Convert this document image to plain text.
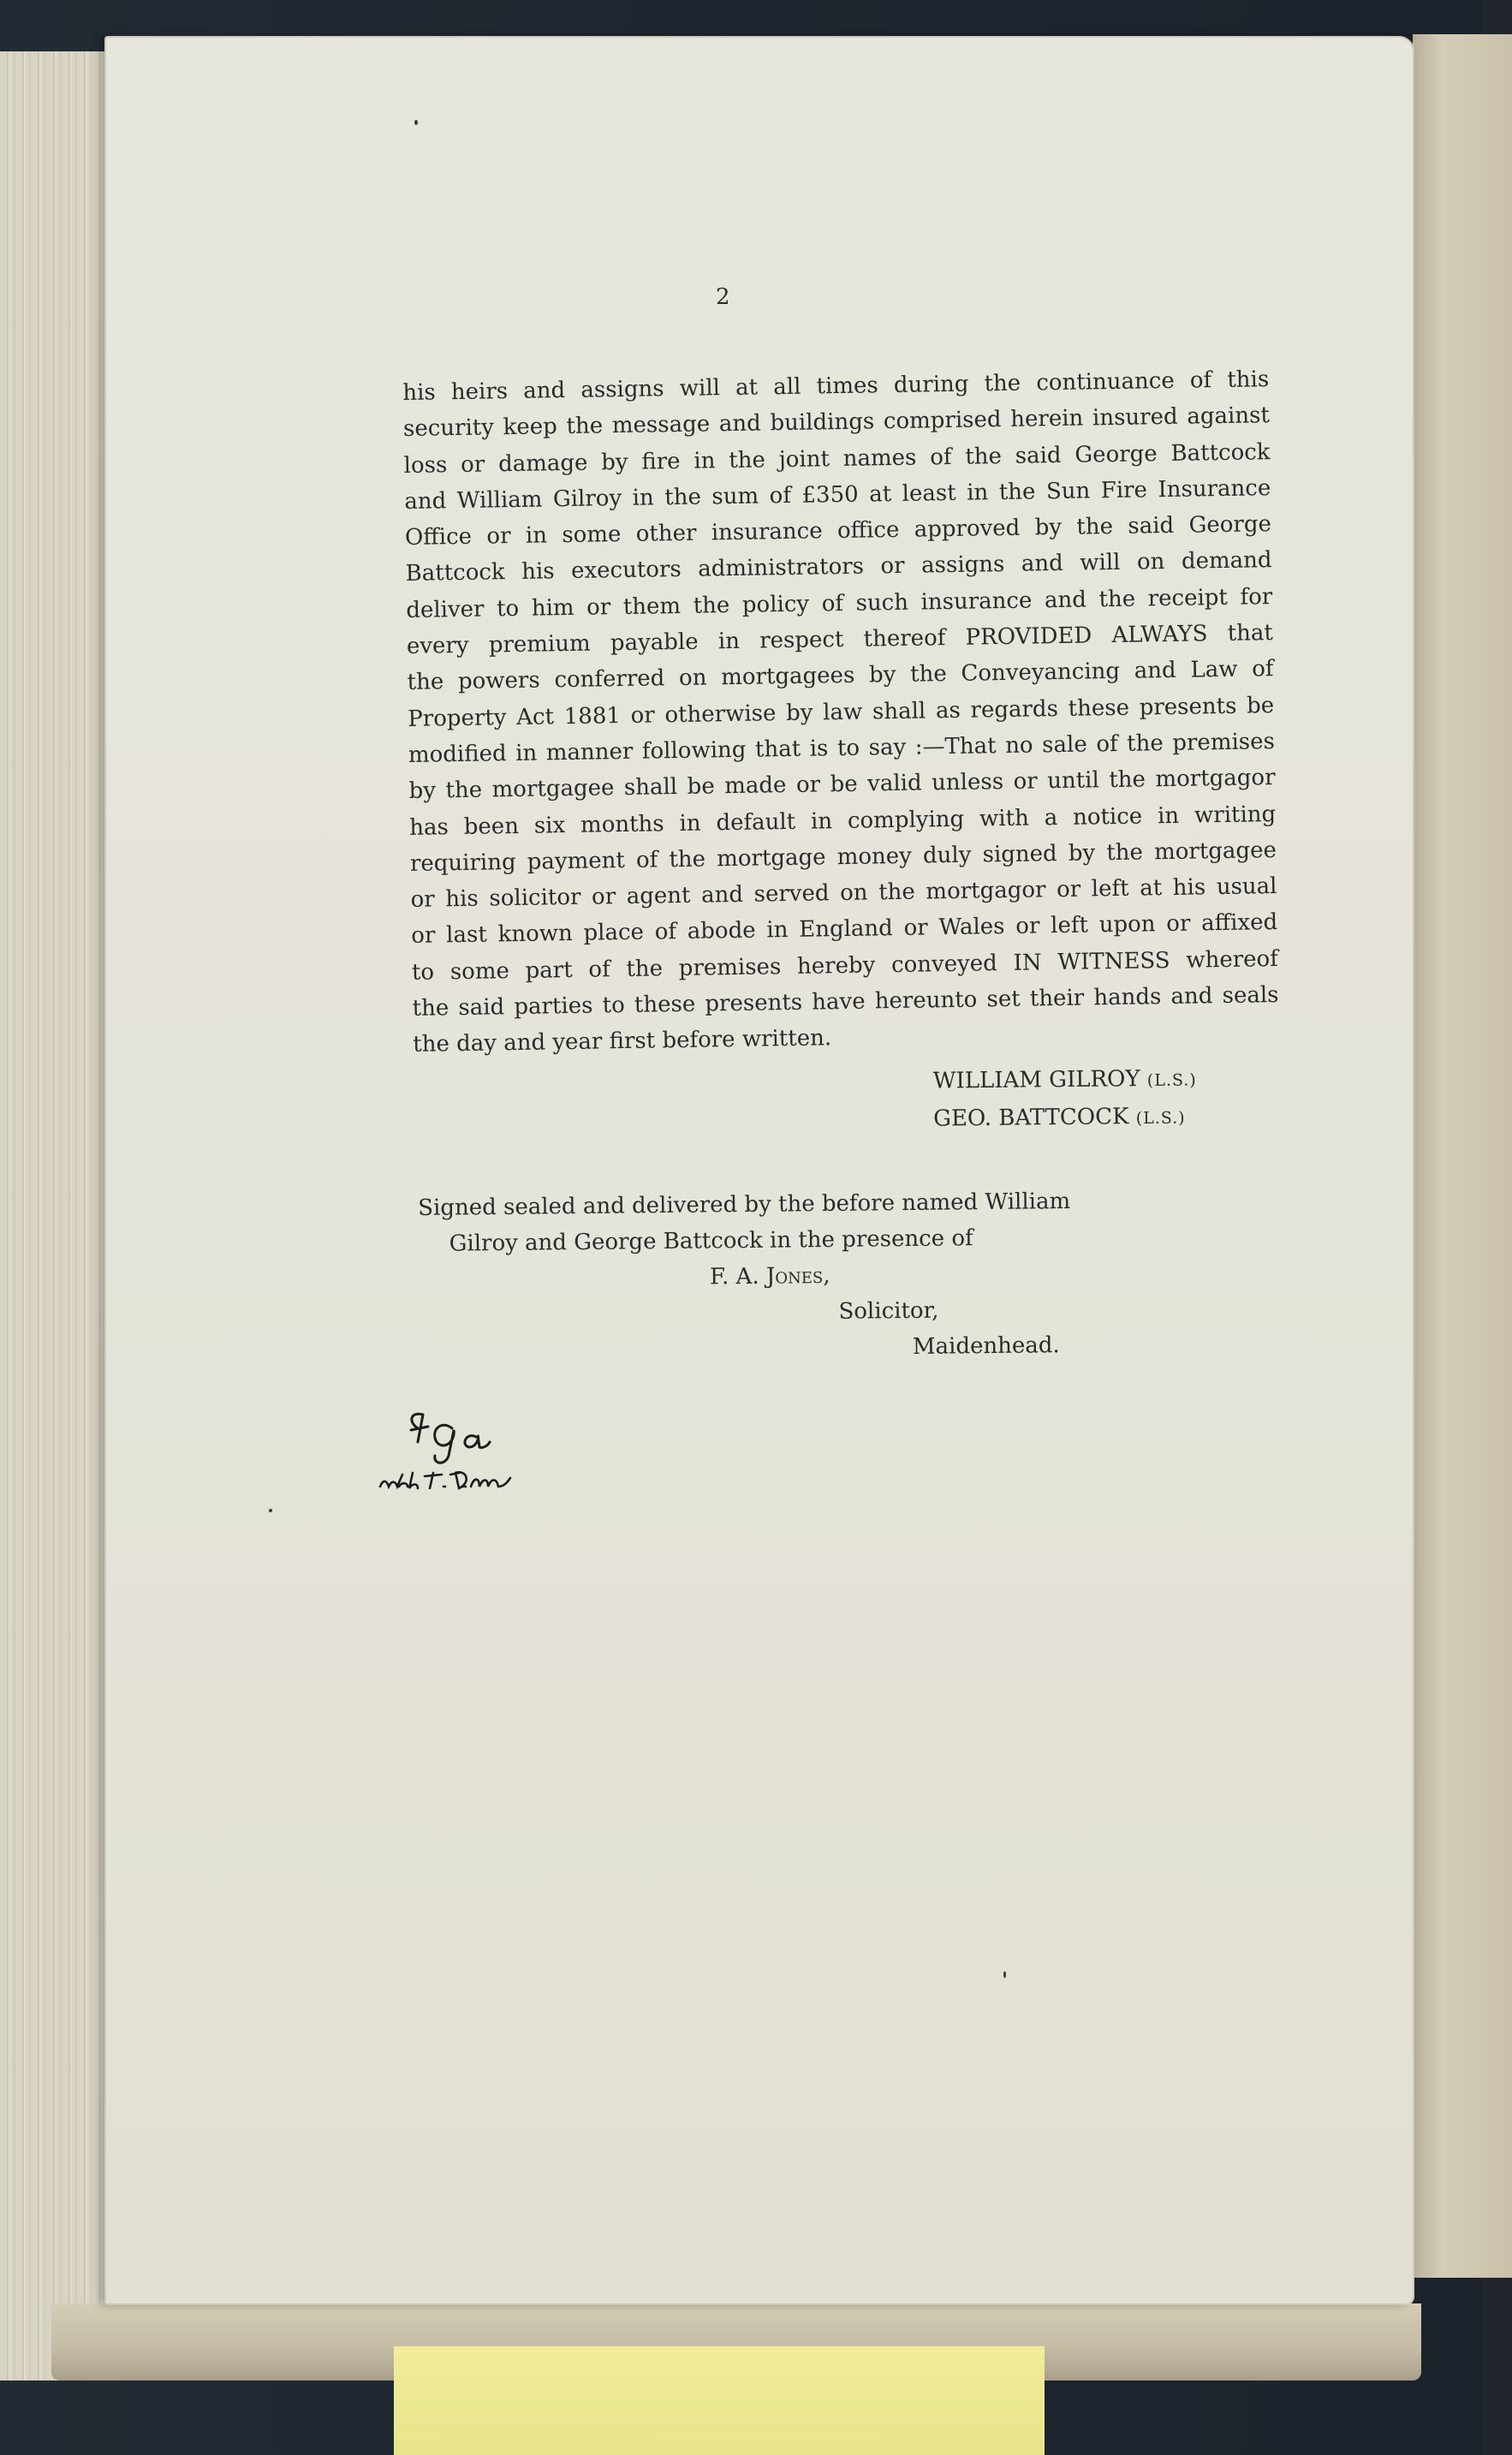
2
his heirs and assigns will at all times during the continuance of this
security keep the message and buildings comprised herein insured against
loss or damage by fire in the joint names of the said George Battcock
and William Gilroy in the sum of £350 at least in the Sun Fire Insurance
Office or in some other insurance office approved by the said George
Battcock his executors administrators or assigns and will on demand
deliver to him or them the policy of such insurance and the receipt for
every premium payable in respect thereof PROVIDED ALWAYS that
the powers conferred on mortgagees by the Conveyancing and Law of
Property Act 1881 or otherwise by law shall as regards these presents be
modified in manner following that is to say :—That no sale of the premises
by the mortgagee shall be made or be valid unless or until the mortgagor
has been six months in default in complying with a notice in writing
requiring payment of the mortgage money duly signed by the mortgagee
or his solicitor or agent and served on the mortgagor or left at his usual
or last known place of abode in England or Wales or left upon or affixed
to some part of the premises hereby conveyed IN WITNESS whereof
the said parties to these presents have hereunto set their hands and seals
the day and year first before written.
WILLIAM GILROY (L.S.)
GEO. BATTCOCK (L.S.)
Signed sealed and delivered by the before named William
Gilroy and George Battcock in the presence of
F. A. Jones,
Solicitor,
Maidenhead.
